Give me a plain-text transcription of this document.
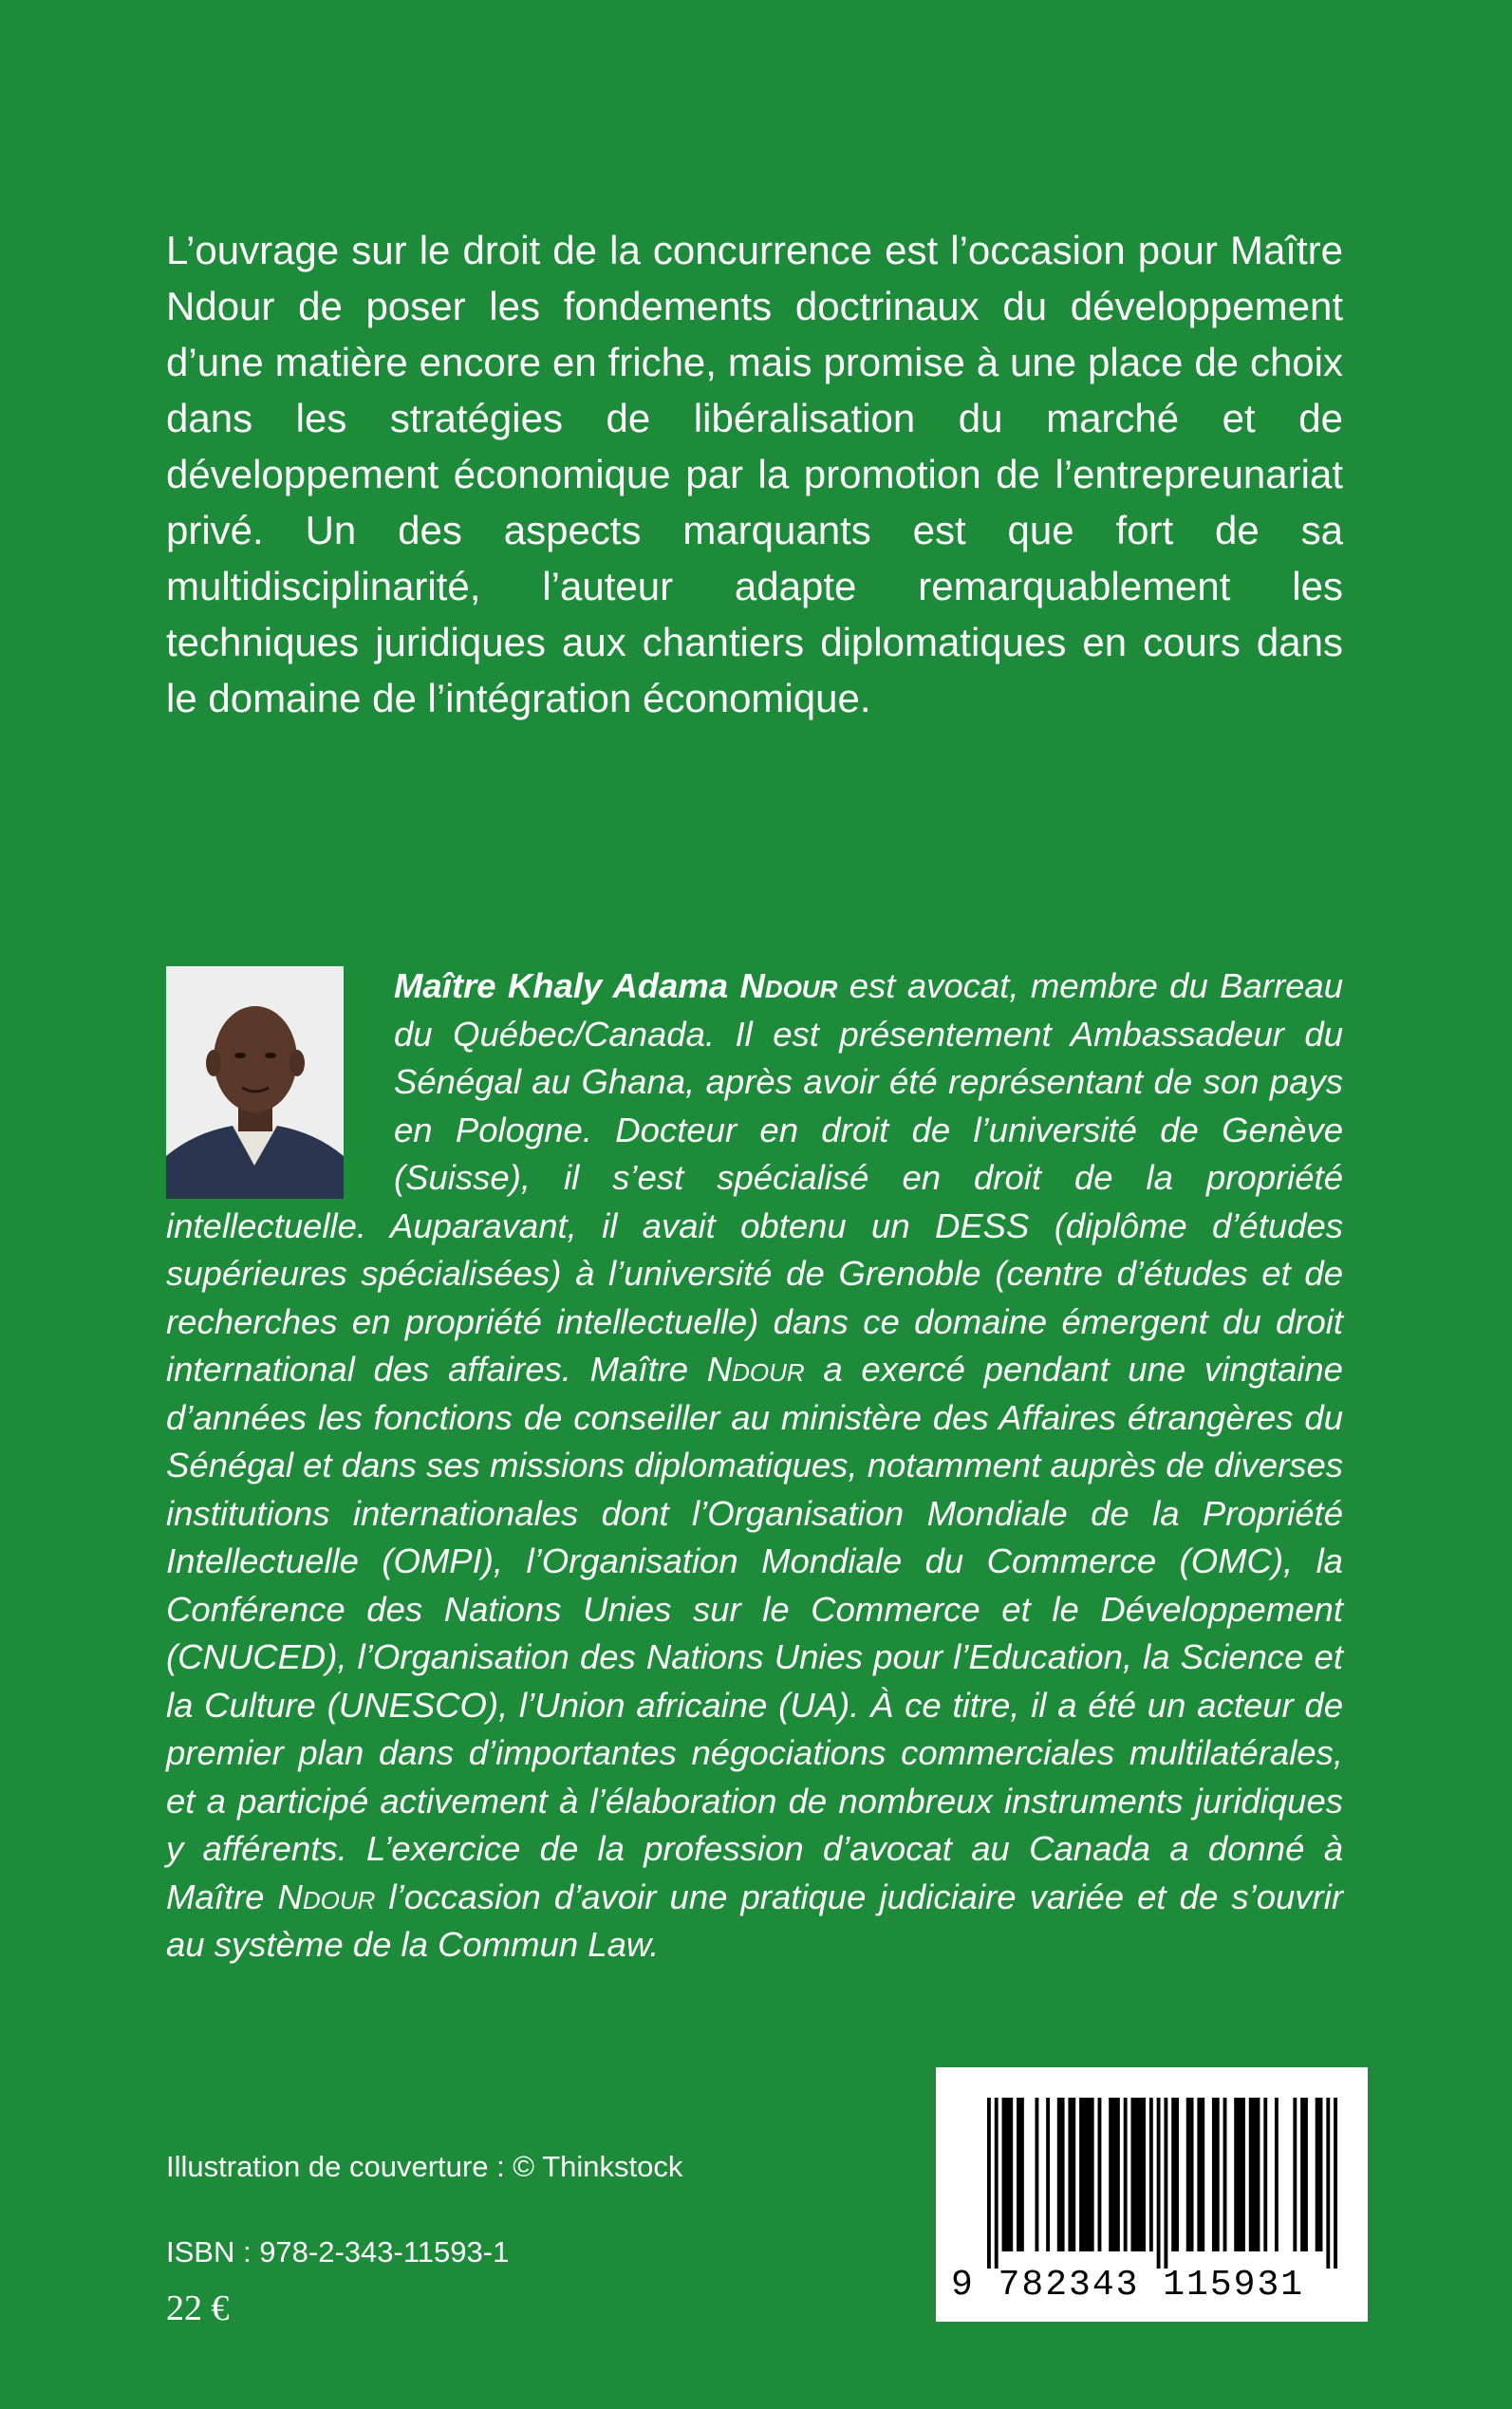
L’ouvrage sur le droit de la concurrence est l’occasion pour Maître Ndour de poser les fondements doctrinaux du développement d’une matière encore en friche, mais promise à une place de choix dans les stratégies de libéralisation du marché et de développement économique par la promotion de l’entrepreunariat privé. Un des aspects marquants est que fort de sa multidisciplinarité, l’auteur adapte remarquablement les techniques juridiques aux chantiers diplomatiques en cours dans le domaine de l’intégration économique.

Maître Khaly Adama Ndour est avocat, membre du Barreau du Québec/Canada. Il est présentement Ambassadeur du Sénégal au Ghana, après avoir été représentant de son pays en Pologne. Docteur en droit de l’université de Genève (Suisse), il s’est spécialisé en droit de la propriété intellectuelle. Auparavant, il avait obtenu un DESS (diplôme d’études supérieures spécialisées) à l’université de Grenoble (centre d’études et de recherches en propriété intellectuelle) dans ce domaine émergent du droit international des affaires. Maître Ndour a exercé pendant une vingtaine d’années les fonctions de conseiller au ministère des Affaires étrangères du Sénégal et dans ses missions diplomatiques, notamment auprès de diverses institutions internationales dont l’Organisation Mondiale de la Propriété Intellectuelle (OMPI), l’Organisation Mondiale du Commerce (OMC), la Conférence des Nations Unies sur le Commerce et le Développement (CNUCED), l’Organisation des Nations Unies pour l’Education, la Science et la Culture (UNESCO), l’Union africaine (UA). À ce titre, il a été un acteur de premier plan dans d’importantes négociations commerciales multilatérales, et a participé activement à l’élaboration de nombreux instruments juridiques y afférents. L’exercice de la profession d’avocat au Canada a donné à Maître Ndour l’occasion d’avoir une pratique judiciaire variée et de s’ouvrir au système de la Commun Law.

Illustration de couverture : © Thinkstock
ISBN : 978-2-343-11593-1
22 €
9 782343 115931
